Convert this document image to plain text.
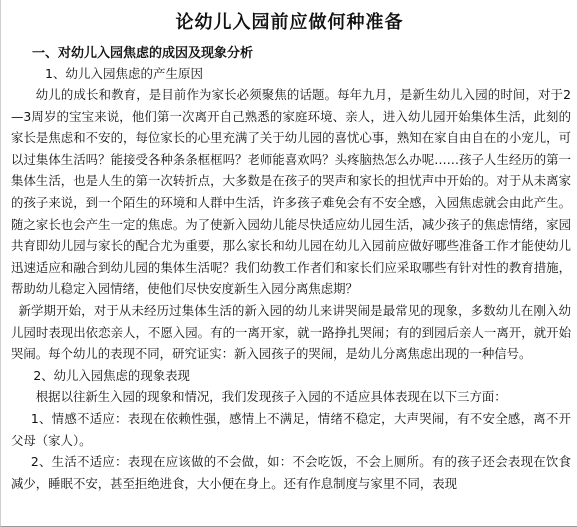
论幼儿入园前应做何种准备
一、对幼儿入园焦虑的成因及现象分析
1、幼儿入园焦虑的产生原因

幼儿的成长和教育，是目前作为家长必须聚焦的话题。每年九月，是新生幼儿入园的时间，对于2—3周岁的宝宝来说，他们第一次离开自己熟悉的家庭环境、亲人，进入幼儿园开始集体生活，此刻的家长是焦虑和不安的，每位家长的心里充满了关于幼儿园的喜忧心事，熟知在家自由自在的小宠儿，可以过集体生活吗？能接受各种条条框框吗？老师能喜欢吗？头疼脑热怎么办呢……孩子人生经历的第一集体生活，也是人生的第一次转折点，大多数是在孩子的哭声和家长的担忧声中开始的。对于从未离家的孩子来说，到一个陌生的环境和人群中生活，许多孩子难免会有不安全感，入园焦虑就会由此产生。随之家长也会产生一定的焦虑。为了使新入园幼儿能尽快适应幼儿园生活，减少孩子的焦虑情绪，家园共育即幼儿园与家长的配合尤为重要，那么家长和幼儿园在幼儿入园前应做好哪些准备工作才能使幼儿迅速适应和融合到幼儿园的集体生活呢？我们幼教工作者们和家长们应采取哪些有针对性的教育措施，帮助幼儿稳定入园情绪，使他们尽快安度新生入园分离焦虑期？

新学期开始，对于从未经历过集体生活的新入园的幼儿来讲哭闹是最常见的现象，多数幼儿在刚入幼儿园时表现出依恋亲人，不愿入园。有的一离开家，就一路挣扎哭闹；有的到园后亲人一离开，就开始哭闹。每个幼儿的表现不同，研究证实：新入园孩子的哭闹，是幼儿分离焦虑出现的一种信号。

2、幼儿入园焦虑的现象表现

根据以往新生入园的现象和情况，我们发现孩子入园的不适应具体表现在以下三方面：

1、情感不适应：表现在依赖性强，感情上不满足，情绪不稳定，大声哭闹，有不安全感，离不开父母（家人）。

2、生活不适应：表现在应该做的不会做，如：不会吃饭，不会上厕所。有的孩子还会表现在饮食减少，睡眠不安，甚至拒绝进食，大小便在身上。还有作息制度与家里不同，表现
